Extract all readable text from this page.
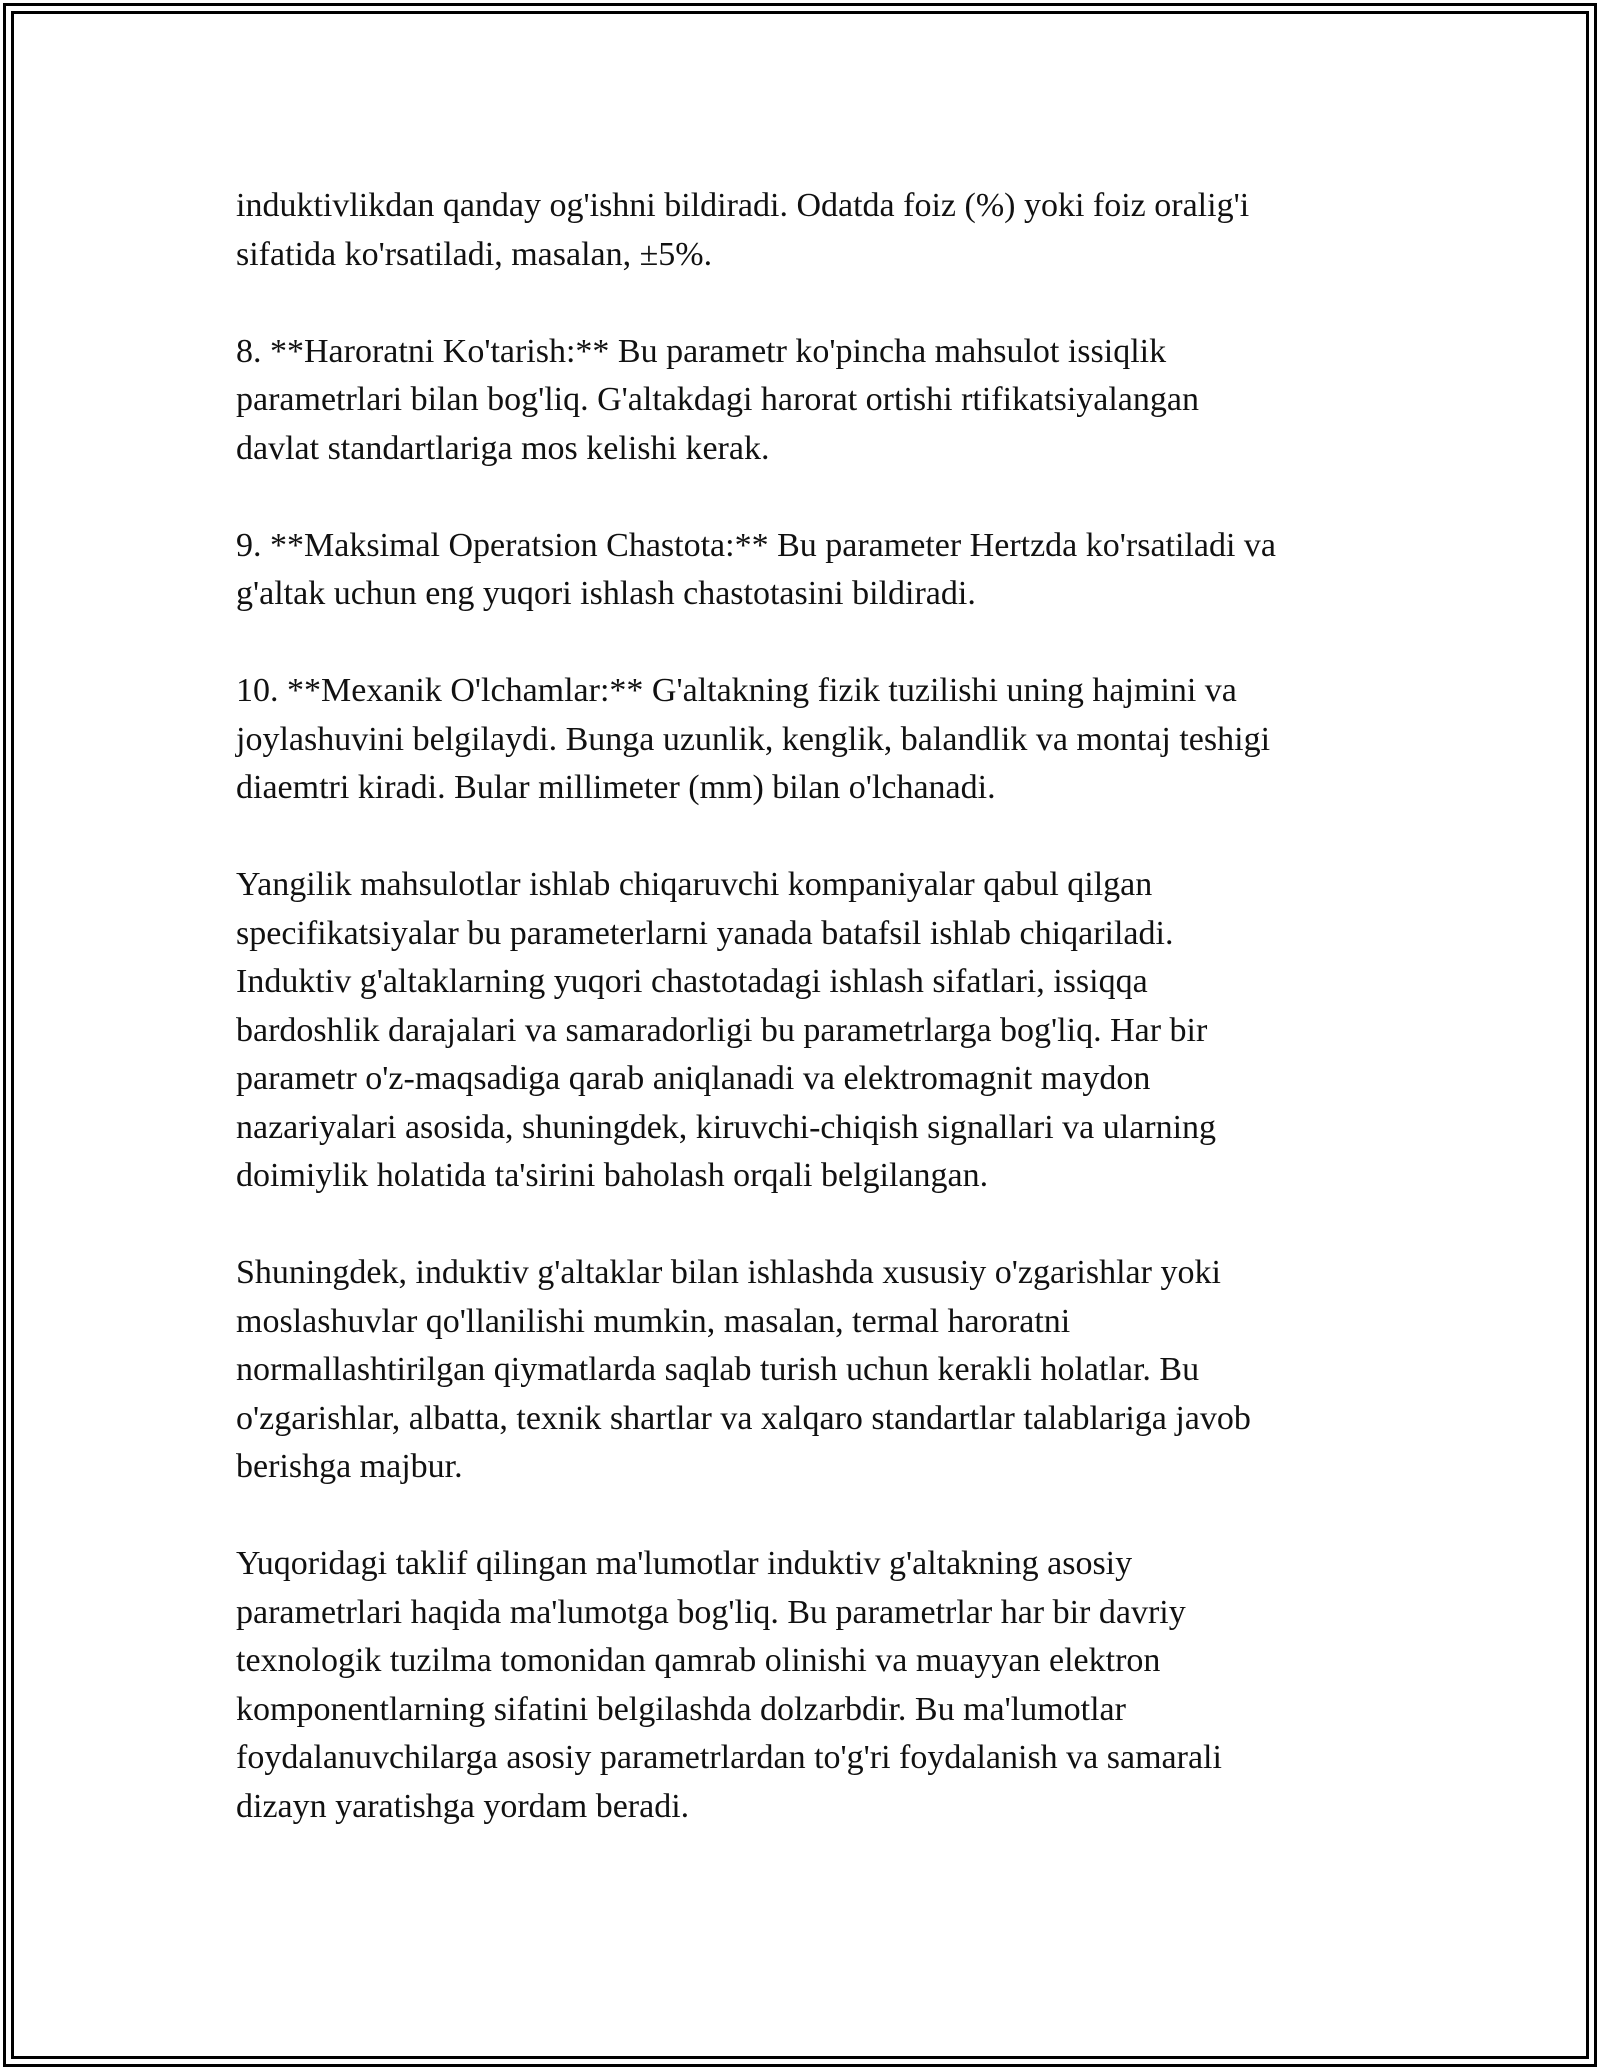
induktivlikdan qanday og'ishni bildiradi. Odatda foiz (%) yoki foiz oralig'i
sifatida ko'rsatiladi, masalan, ±5%.

8. **Haroratni Ko'tarish:** Bu parametr ko'pincha mahsulot issiqlik
parametrlari bilan bog'liq. G'altakdagi harorat ortishi rtifikatsiyalangan
davlat standartlariga mos kelishi kerak.

9. **Maksimal Operatsion Chastota:** Bu parameter Hertzda ko'rsatiladi va
g'altak uchun eng yuqori ishlash chastotasini bildiradi.

10. **Mexanik O'lchamlar:** G'altakning fizik tuzilishi uning hajmini va
joylashuvini belgilaydi. Bunga uzunlik, kenglik, balandlik va montaj teshigi
diaemtri kiradi. Bular millimeter (mm) bilan o'lchanadi.

Yangilik mahsulotlar ishlab chiqaruvchi kompaniyalar qabul qilgan
specifikatsiyalar bu parameterlarni yanada batafsil ishlab chiqariladi.
Induktiv g'altaklarning yuqori chastotadagi ishlash sifatlari, issiqqa
bardoshlik darajalari va samaradorligi bu parametrlarga bog'liq. Har bir
parametr o'z-maqsadiga qarab aniqlanadi va elektromagnit maydon
nazariyalari asosida, shuningdek, kiruvchi-chiqish signallari va ularning
doimiylik holatida ta'sirini baholash orqali belgilangan.

Shuningdek, induktiv g'altaklar bilan ishlashda xususiy o'zgarishlar yoki
moslashuvlar qo'llanilishi mumkin, masalan, termal haroratni
normallashtirilgan qiymatlarda saqlab turish uchun kerakli holatlar. Bu
o'zgarishlar, albatta, texnik shartlar va xalqaro standartlar talablariga javob
berishga majbur.

Yuqoridagi taklif qilingan ma'lumotlar induktiv g'altakning asosiy
parametrlari haqida ma'lumotga bog'liq. Bu parametrlar har bir davriy
texnologik tuzilma tomonidan qamrab olinishi va muayyan elektron
komponentlarning sifatini belgilashda dolzarbdir. Bu ma'lumotlar
foydalanuvchilarga asosiy parametrlardan to'g'ri foydalanish va samarali
dizayn yaratishga yordam beradi.
